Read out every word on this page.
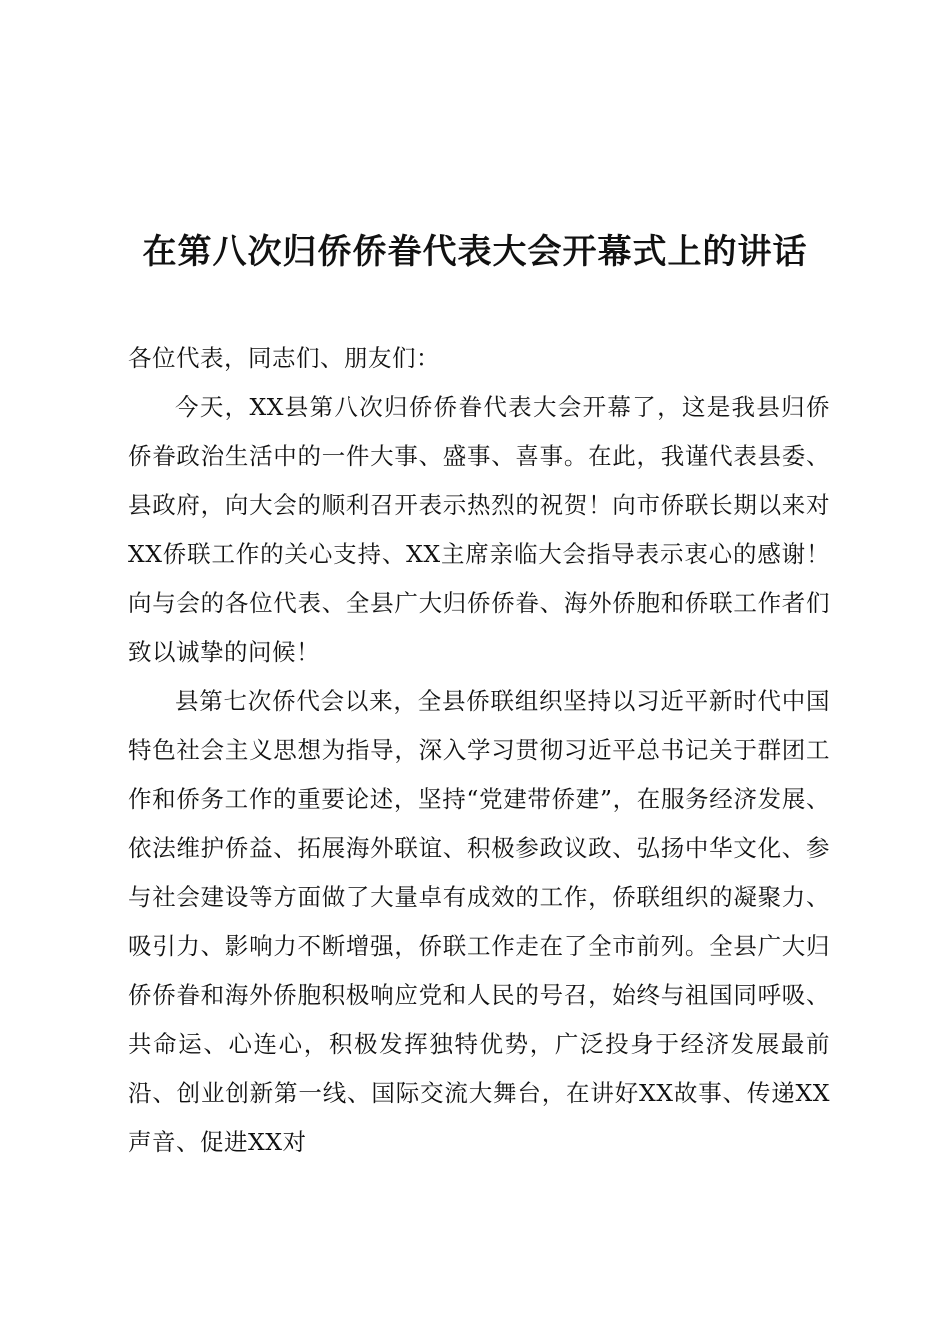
在第八次归侨侨眷代表大会开幕式上的讲话

各位代表，同志们、朋友们：

今天，XX县第八次归侨侨眷代表大会开幕了，这是我县归侨侨眷政治生活中的一件大事、盛事、喜事。在此，我谨代表县委、县政府，向大会的顺利召开表示热烈的祝贺！向市侨联长期以来对XX侨联工作的关心支持、XX主席亲临大会指导表示衷心的感谢！向与会的各位代表、全县广大归侨侨眷、海外侨胞和侨联工作者们致以诚挚的问候！

县第七次侨代会以来，全县侨联组织坚持以习近平新时代中国特色社会主义思想为指导，深入学习贯彻习近平总书记关于群团工作和侨务工作的重要论述，坚持“党建带侨建”，在服务经济发展、依法维护侨益、拓展海外联谊、积极参政议政、弘扬中华文化、参与社会建设等方面做了大量卓有成效的工作，侨联组织的凝聚力、吸引力、影响力不断增强，侨联工作走在了全市前列。全县广大归侨侨眷和海外侨胞积极响应党和人民的号召，始终与祖国同呼吸、共命运、心连心，积极发挥独特优势，广泛投身于经济发展最前沿、创业创新第一线、国际交流大舞台，在讲好XX故事、传递XX声音、促进XX对
